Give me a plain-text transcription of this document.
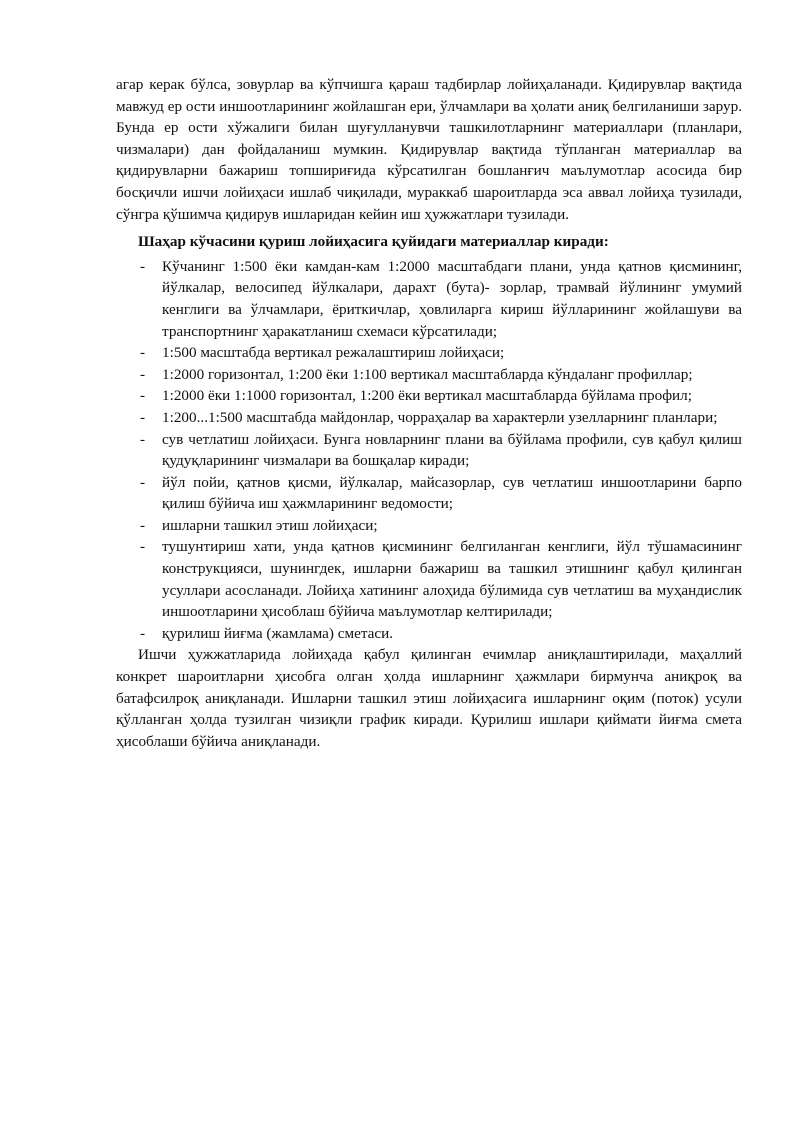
агар керак бўлса, зовурлар ва кўпчишга қараш тадбирлар лойиҳаланади. Қидирувлар вақтида мавжуд ер ости иншоотларининг жойлашган ери, ўлчамлари ва ҳолати аниқ белгиланиши зарур. Бунда ер ости хўжалиги билан шуғулланувчи ташкилотларнинг материаллари (планлари, чизмалари) дан фойдаланиш мумкин. Қидирувлар вақтида тўпланган материаллар ва қидирувларни бажариш топшириғида кўрсатилган бошланғич маълумотлар асосида бир босқичли ишчи лойиҳаси ишлаб чиқилади, мураккаб шароитларда эса аввал лойиҳа тузилади, сўнгра қўшимча қидирув ишларидан кейин иш ҳужжатлари тузилади.

Шаҳар кўчасини қуриш лойиҳасига қуйидаги материаллар киради:

- Кўчанинг 1:500 ёки камдан-кам 1:2000 масштабдаги плани, унда қатнов қисмининг, йўлкалар, велосипед йўлкалари, дарахт (бута)- зорлар, трамвай йўлининг умумий кенглиги ва ўлчамлари, ёриткичлар, ҳовлиларга кириш йўлларининг жойлашуви ва транспортнинг ҳаракатланиш схемаси кўрсатилади;
- 1:500 масштабда вертикал режалаштириш лойиҳаси;
- 1:2000 горизонтал, 1:200 ёки 1:100 вертикал масштабларда кўндаланг профиллар;
- 1:2000 ёки 1:1000 горизонтал, 1:200 ёки вертикал масштабларда бўйлама профил;
- 1:200...1:500 масштабда майдонлар, чорраҳалар ва характерли узелларнинг планлари;
- сув четлатиш лойиҳаси. Бунга новларнинг плани ва бўйлама профили, сув қабул қилиш қудуқларининг чизмалари ва бошқалар киради;
- йўл пойи, қатнов қисми, йўлкалар, майсазорлар, сув четлатиш иншоотларини барпо қилиш бўйича иш ҳажмларининг ведомости;
- ишларни ташкил этиш лойиҳаси;
- тушунтириш хати, унда қатнов қисмининг белгиланган кенглиги, йўл тўшамасининг конструкцияси, шунингдек, ишларни бажариш ва ташкил этишнинг қабул қилинган усуллари асосланади. Лойиҳа хатининг алоҳида бўлимида сув четлатиш ва муҳандислик иншоотларини ҳисоблаш бўйича маълумотлар келтирилади;
- қурилиш йиғма (жамлама) сметаси.

Ишчи ҳужжатларида лойиҳада қабул қилинган ечимлар аниқлаштирилади, маҳаллий конкрет шароитларни ҳисобга олган ҳолда ишларнинг ҳажмлари бирмунча аниқроқ ва батафсилроқ аниқланади. Ишларни ташкил этиш лойиҳасига ишларнинг оқим (поток) усули қўлланган ҳолда тузилган чизиқли график киради. Қурилиш ишлари қиймати йиғма смета ҳисоблаши бўйича аниқланади.
